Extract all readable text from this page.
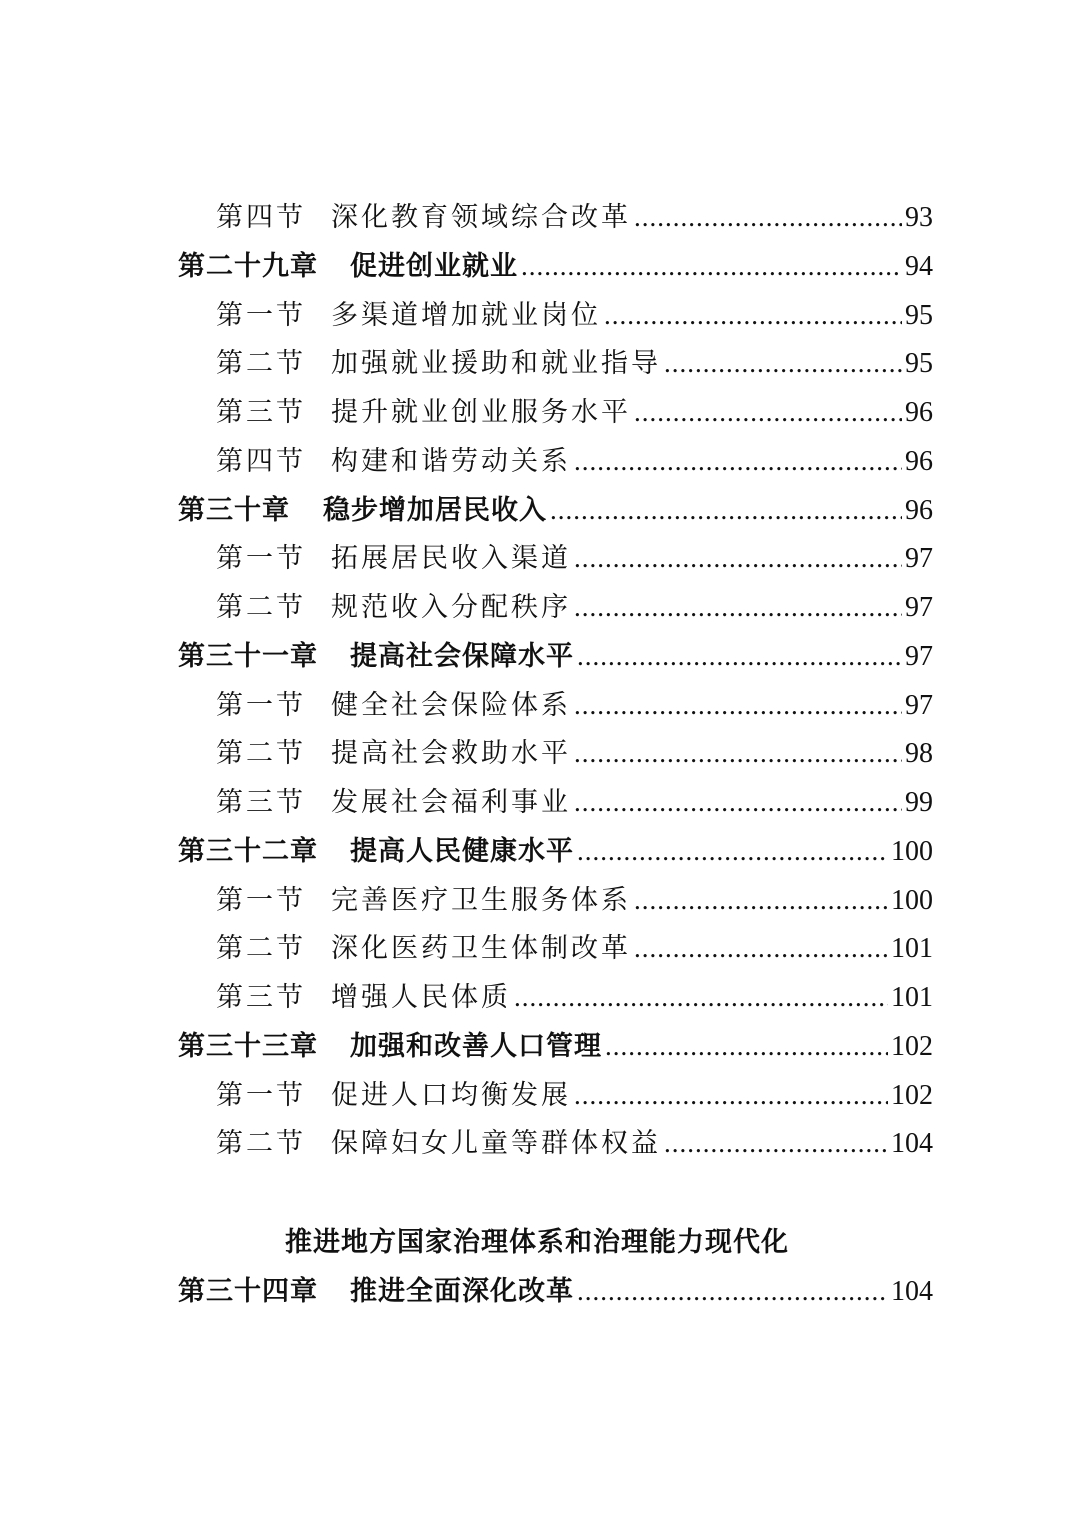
第四节 深化教育领域综合改革 .....	93
第二十九章	促进创业就业 .....	94
第一节 多渠道增加就业岗位 .....	95
第二节 加强就业援助和就业指导 .....	95
第三节 提升就业创业服务水平 .....	96
第四节 构建和谐劳动关系 .....	96
第三十章	稳步增加居民收入 .....	96
第一节 拓展居民收入渠道 .....	97
第二节 规范收入分配秩序 .....	97
第三十一章	提高社会保障水平 .....	97
第一节 健全社会保险体系 .....	97
第二节 提高社会救助水平 .....	98
第三节 发展社会福利事业 .....	99
第三十二章	提高人民健康水平 .....	100
第一节 完善医疗卫生服务体系 .....	100
第二节 深化医药卫生体制改革 .....	101
第三节 增强人民体质 .....	101
第三十三章	加强和改善人口管理 .....	102
第一节 促进人口均衡发展 .....	102
第二节 保障妇女儿童等群体权益 .....	104
推进地方国家治理体系和治理能力现代化
第三十四章	推进全面深化改革 .....	104
